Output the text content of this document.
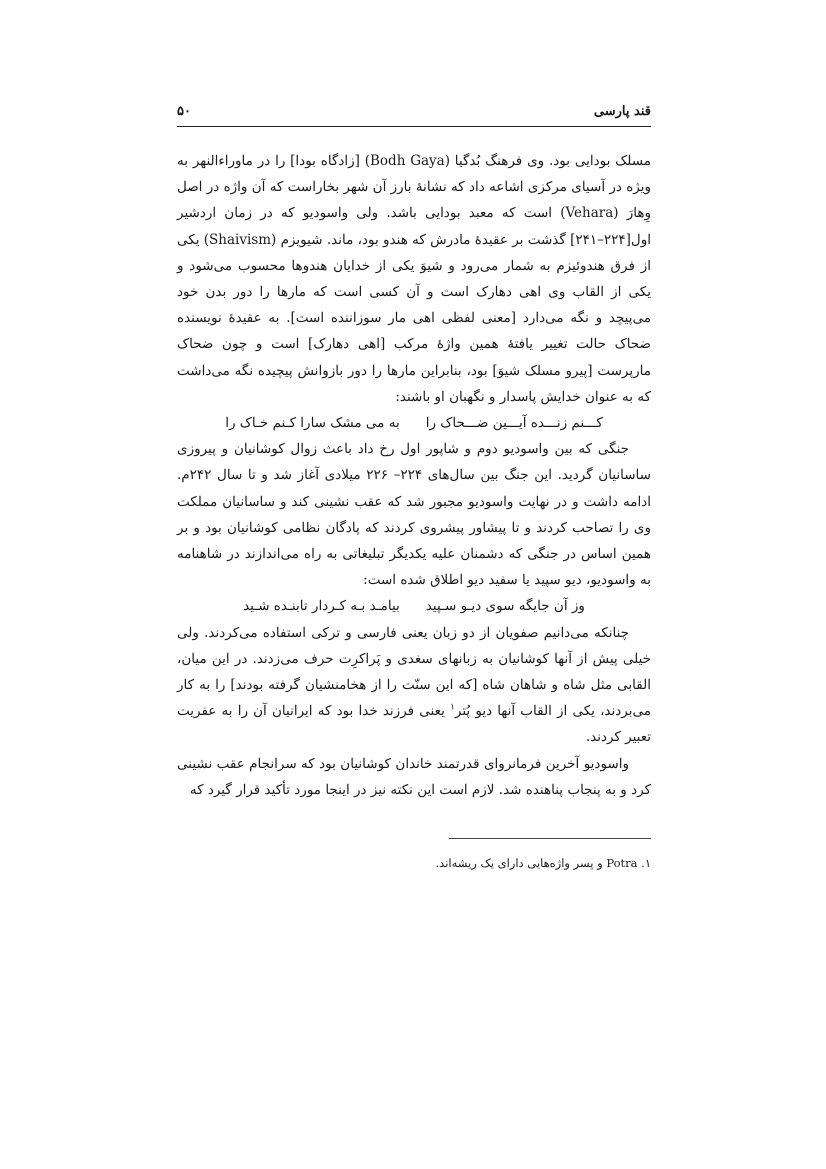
قند پارسی
۵۰

مسلک بودایی بود. وی فرهنگ بُدگیا (Bodh Gaya) [زادگاه بودا] را در ماوراءالنهر به ویژه در آسیای مرکزی اشاعه داد که نشانهٔ بارز آن شهر بخاراست که آن واژه در اصل وِهارَ (Vehara) است که معبد بودایی باشد. ولی واسودیو که در زمان اردشیر اول[۲۲۴–۲۴۱] گذشت بر عقیدهٔ مادرش که هندو بود، ماند. شیویزم (Shaivism) یکی از فرق هندوئیزم به شمار می‌رود و شیوَ یکی از خدایان هندوها محسوب می‌شود و یکی از القاب وی اهی دهارک است و آن کسی است که مارها را دور بدن خود می‌پیچد و نگه می‌دارد [معنی لفظی اهی مار سوزاننده است]. به عقیدهٔ نویسنده ضحاک حالت تغییر یافتهٔ همین واژهٔ مرکب [اهی دهارک] است و چون ضحاک مارپرست [پیرو مسلک شیوَ] بود، بنابراین مارها را دور بازوانش پیچیده نگه می‌داشت که به عنوان خدایش پاسدار و نگهبان او باشند:

کـــنم زنـــده آیـــین ضـــحاک را
به می مشک سارا کـنم خـاک را

جنگی که بین واسودیو دوم و شاپور اول رخ داد باعث زوال کوشانیان و پیروزی ساسانیان گردید. این جنگ بین سال‌های ۲۲۴– ۲۲۶ میلادی آغاز شد و تا سال ۲۴۲م. ادامه داشت و در نهایت واسودیو مجبور شد که عقب نشینی کند و ساسانیان مملکت وی را تصاحب کردند و تا پیشاور پیشروی کردند که پادگان نظامی کوشانیان بود و بر همین اساس در جنگی که دشمنان علیه یکدیگر تبلیغاتی به راه می‌اندازند در شاهنامه به واسودیو، دیو سپید یا سفید دیو اطلاق شده است:

وز آن جایگه سوی دیـو سـپید
بیامـد بـه کـردار تابنـده شـید

چنانکه می‌دانیم صفویان از دو زبان یعنی فارسی و ترکی استفاده می‌کردند. ولی خیلی پیش از آنها کوشانیان به زبانهای سغدی و پَراکرِت حرف می‌زدند. در این میان، القابی مثل شاه و شاهان شاه [که این سنّت را از هخامنشیان گرفته بودند] را به کار می‌بردند، یکی از القاب آنها دیو پُتر$^۱$ یعنی فرزند خدا بود که ایرانیان آن را به عفریت تعبیر کردند.

واسودیو آخرین فرمانروای قدرتمند خاندان کوشانیان بود که سرانجام عقب نشینی کرد و به پنجاب پناهنده شد. لازم است این نکته نیز در اینجا مورد تأکید قرار گیرد که

۱. Potra و پسر واژه‌هایی دارای یک ریشه‌اند.
